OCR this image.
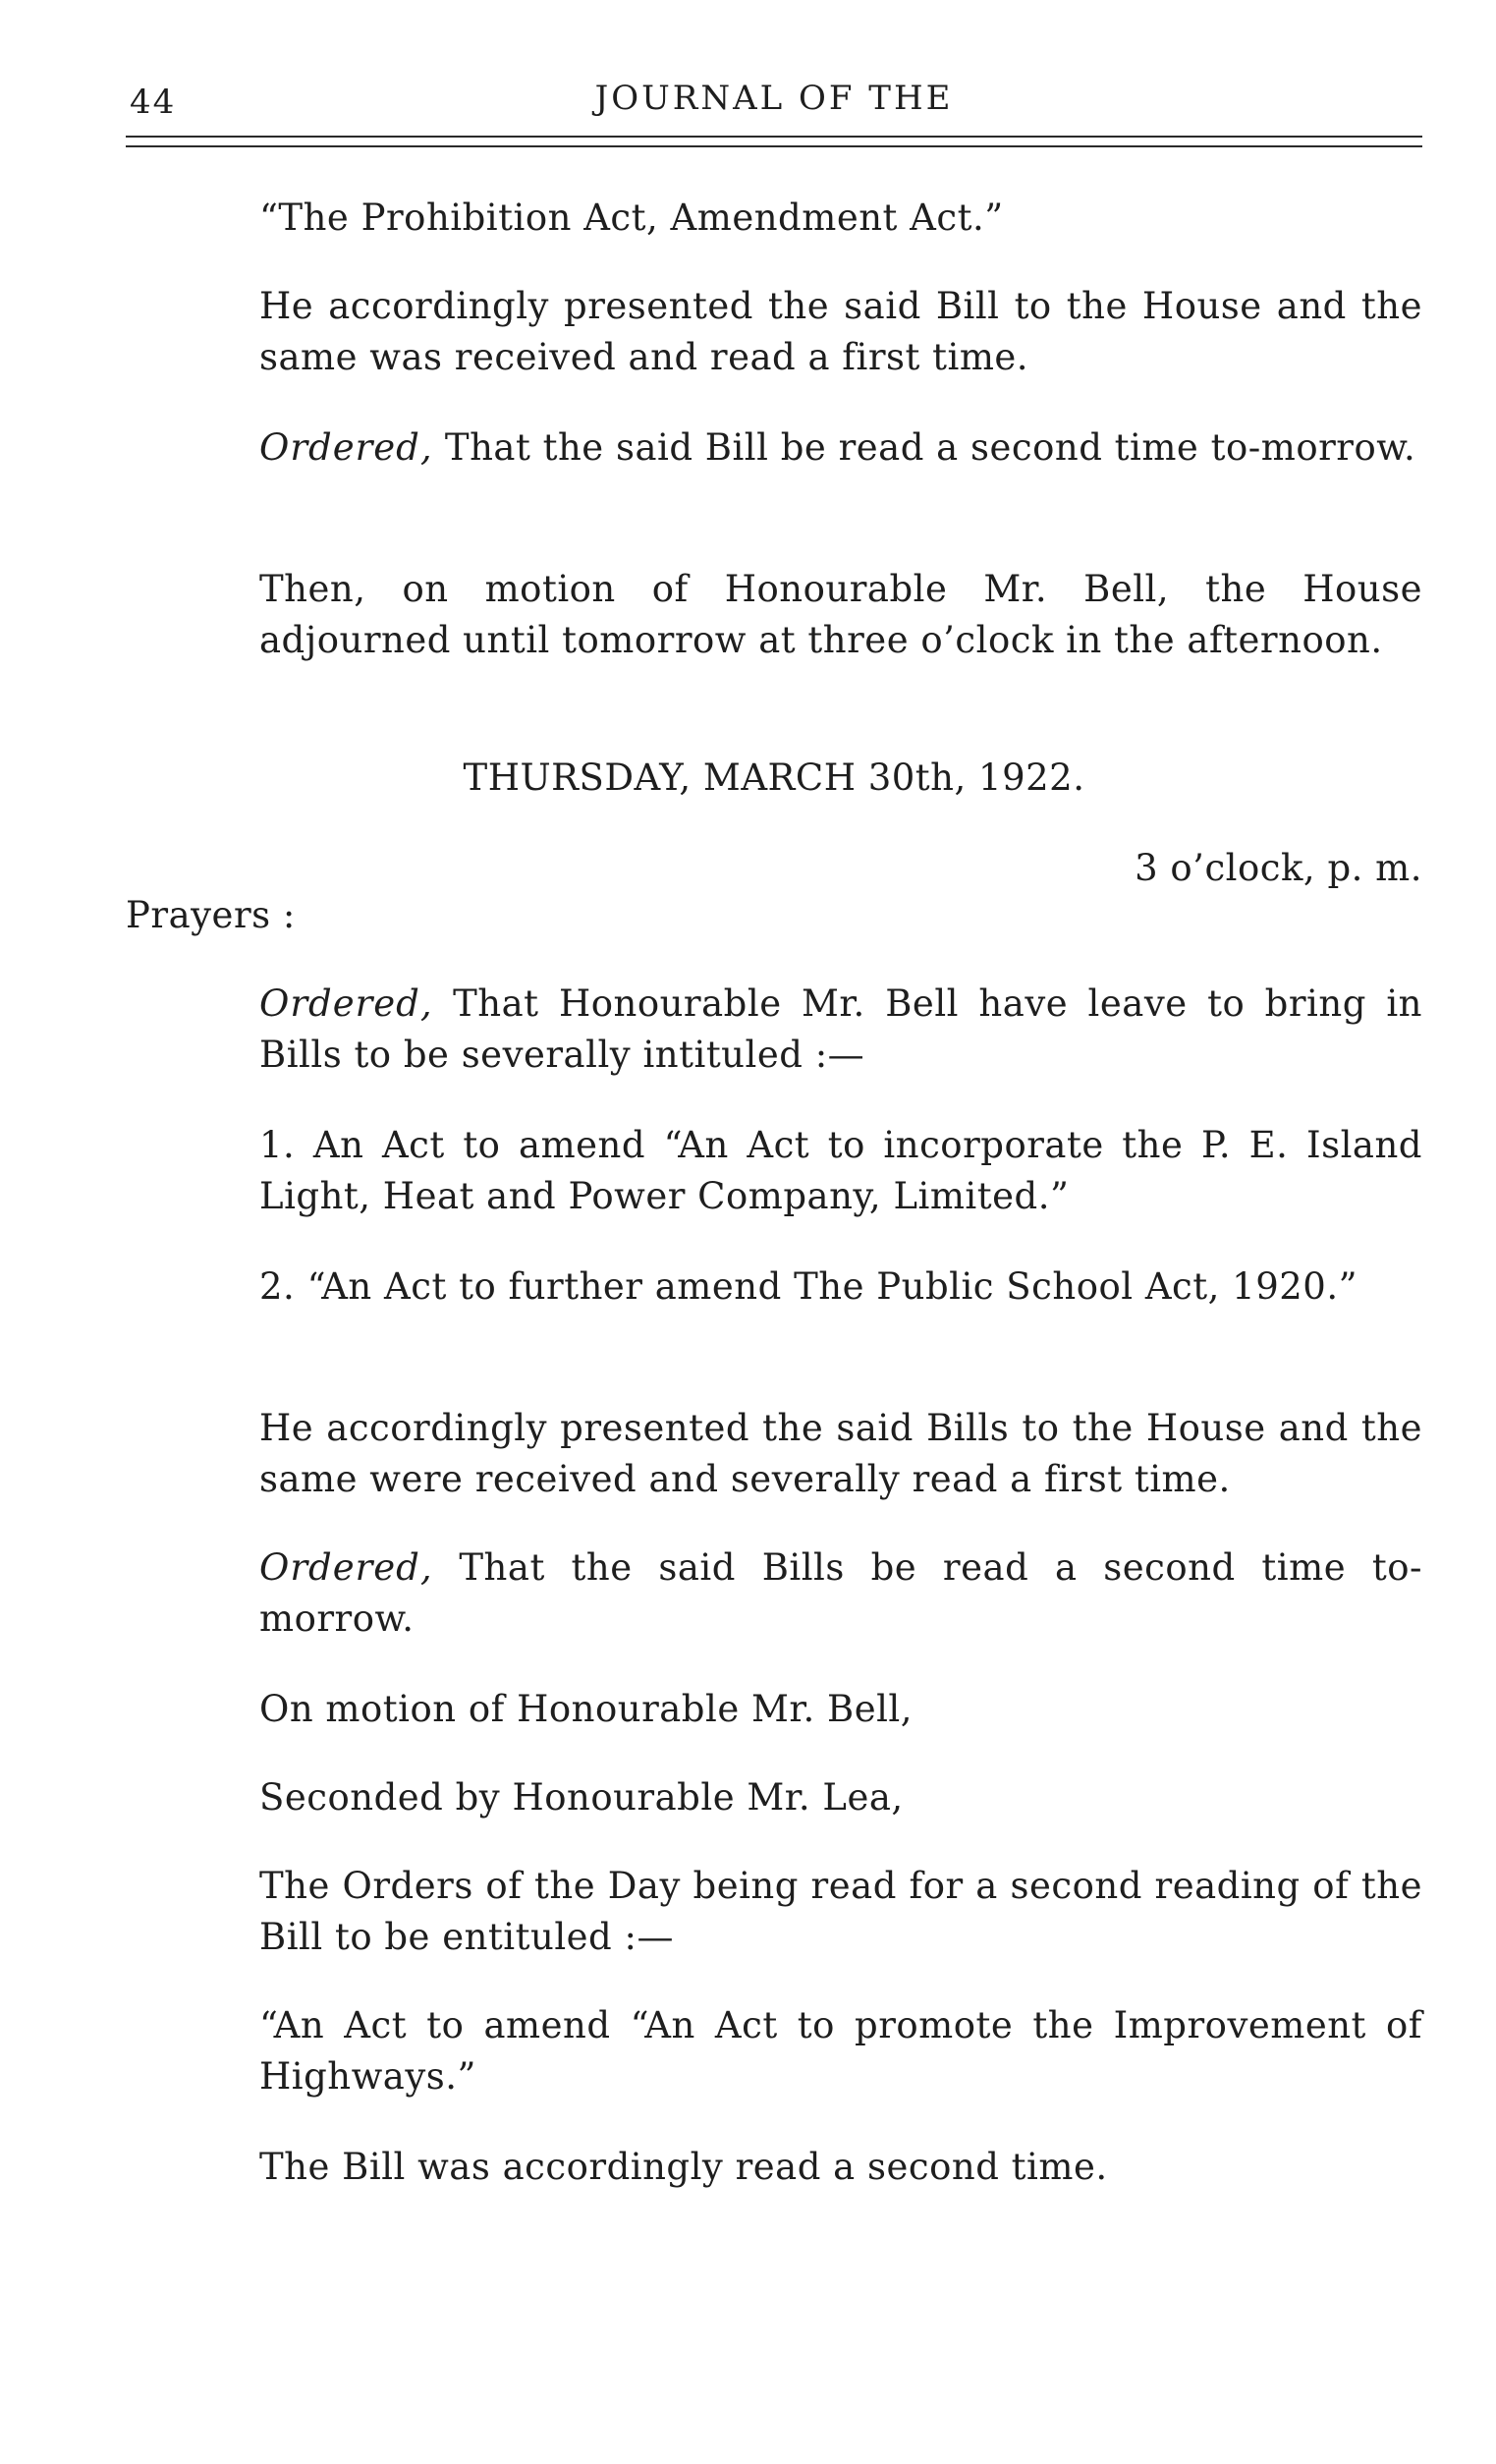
44	JOURNAL OF THE
“The Prohibition Act, Amendment Act.”
He accordingly presented the said Bill to the House and the same was received and read a first time.
Ordered, That the said Bill be read a second time to-morrow.
Then, on motion of Honourable Mr. Bell, the House adjourned until tomorrow at three o’clock in the afternoon.
THURSDAY, MARCH 30th, 1922.
3 o’clock, p. m.
Prayers :
Ordered, That Honourable Mr. Bell have leave to bring in Bills to be severally intituled :—
1. An Act to amend “An Act to incorporate the P. E. Island Light, Heat and Power Company, Limited.”
2. “An Act to further amend The Public School Act, 1920.”
He accordingly presented the said Bills to the House and the same were received and severally read a first time.
Ordered, That the said Bills be read a second time to-morrow.
On motion of Honourable Mr. Bell,
Seconded by Honourable Mr. Lea,
The Orders of the Day being read for a second reading of the Bill to be entituled :—
“An Act to amend “An Act to promote the Improvement of Highways.”
The Bill was accordingly read a second time.
